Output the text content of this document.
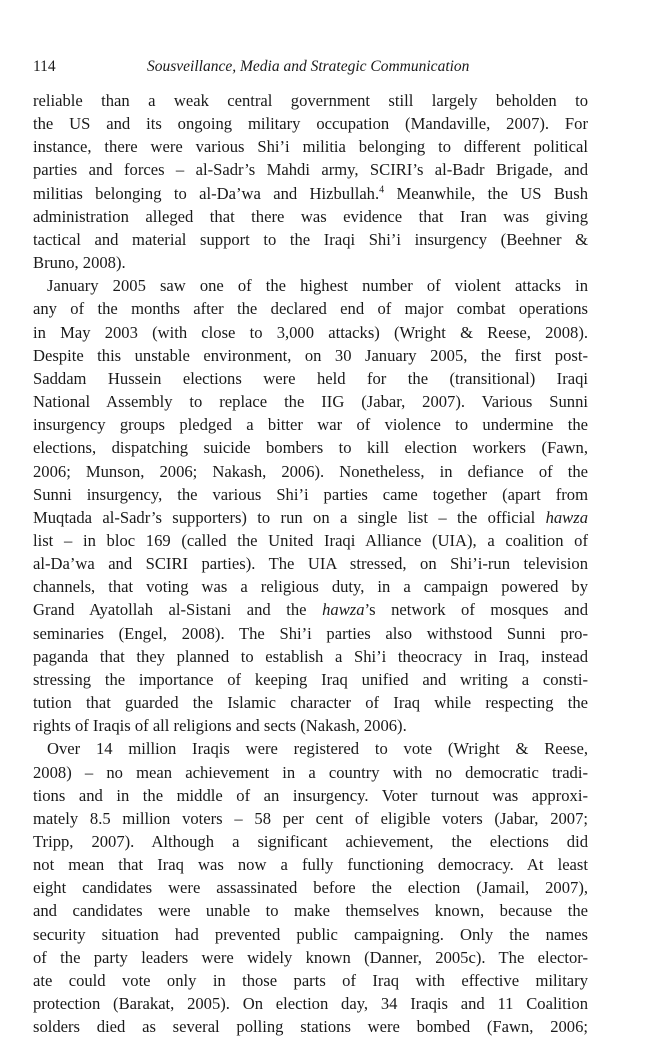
114	Sousveillance, Media and Strategic Communication

reliable than a weak central government still largely beholden to
the US and its ongoing military occupation (Mandaville, 2007). For
instance, there were various Shi’i militia belonging to different political
parties and forces – al-Sadr’s Mahdi army, SCIRI’s al-Badr Brigade, and
militias belonging to al-Da’wa and Hizbullah.$^4$ Meanwhile, the US Bush
administration alleged that there was evidence that Iran was giving
tactical and material support to the Iraqi Shi’i insurgency (Beehner &
Bruno, 2008).

January 2005 saw one of the highest number of violent attacks in
any of the months after the declared end of major combat operations
in May 2003 (with close to 3,000 attacks) (Wright & Reese, 2008).
Despite this unstable environment, on 30 January 2005, the first post-
Saddam Hussein elections were held for the (transitional) Iraqi
National Assembly to replace the IIG (Jabar, 2007). Various Sunni
insurgency groups pledged a bitter war of violence to undermine the
elections, dispatching suicide bombers to kill election workers (Fawn,
2006; Munson, 2006; Nakash, 2006). Nonetheless, in defiance of the
Sunni insurgency, the various Shi’i parties came together (apart from
Muqtada al-Sadr’s supporters) to run on a single list – the official hawza
list – in bloc 169 (called the United Iraqi Alliance (UIA), a coalition of
al-Da’wa and SCIRI parties). The UIA stressed, on Shi’i-run television
channels, that voting was a religious duty, in a campaign powered by
Grand Ayatollah al-Sistani and the hawza’s network of mosques and
seminaries (Engel, 2008). The Shi’i parties also withstood Sunni pro-
paganda that they planned to establish a Shi’i theocracy in Iraq, instead
stressing the importance of keeping Iraq unified and writing a consti-
tution that guarded the Islamic character of Iraq while respecting the
rights of Iraqis of all religions and sects (Nakash, 2006).

Over 14 million Iraqis were registered to vote (Wright & Reese,
2008) – no mean achievement in a country with no democratic tradi-
tions and in the middle of an insurgency. Voter turnout was approxi-
mately 8.5 million voters – 58 per cent of eligible voters (Jabar, 2007;
Tripp, 2007). Although a significant achievement, the elections did
not mean that Iraq was now a fully functioning democracy. At least
eight candidates were assassinated before the election (Jamail, 2007),
and candidates were unable to make themselves known, because the
security situation had prevented public campaigning. Only the names
of the party leaders were widely known (Danner, 2005c). The elector-
ate could vote only in those parts of Iraq with effective military
protection (Barakat, 2005). On election day, 34 Iraqis and 11 Coalition
solders died as several polling stations were bombed (Fawn, 2006;
